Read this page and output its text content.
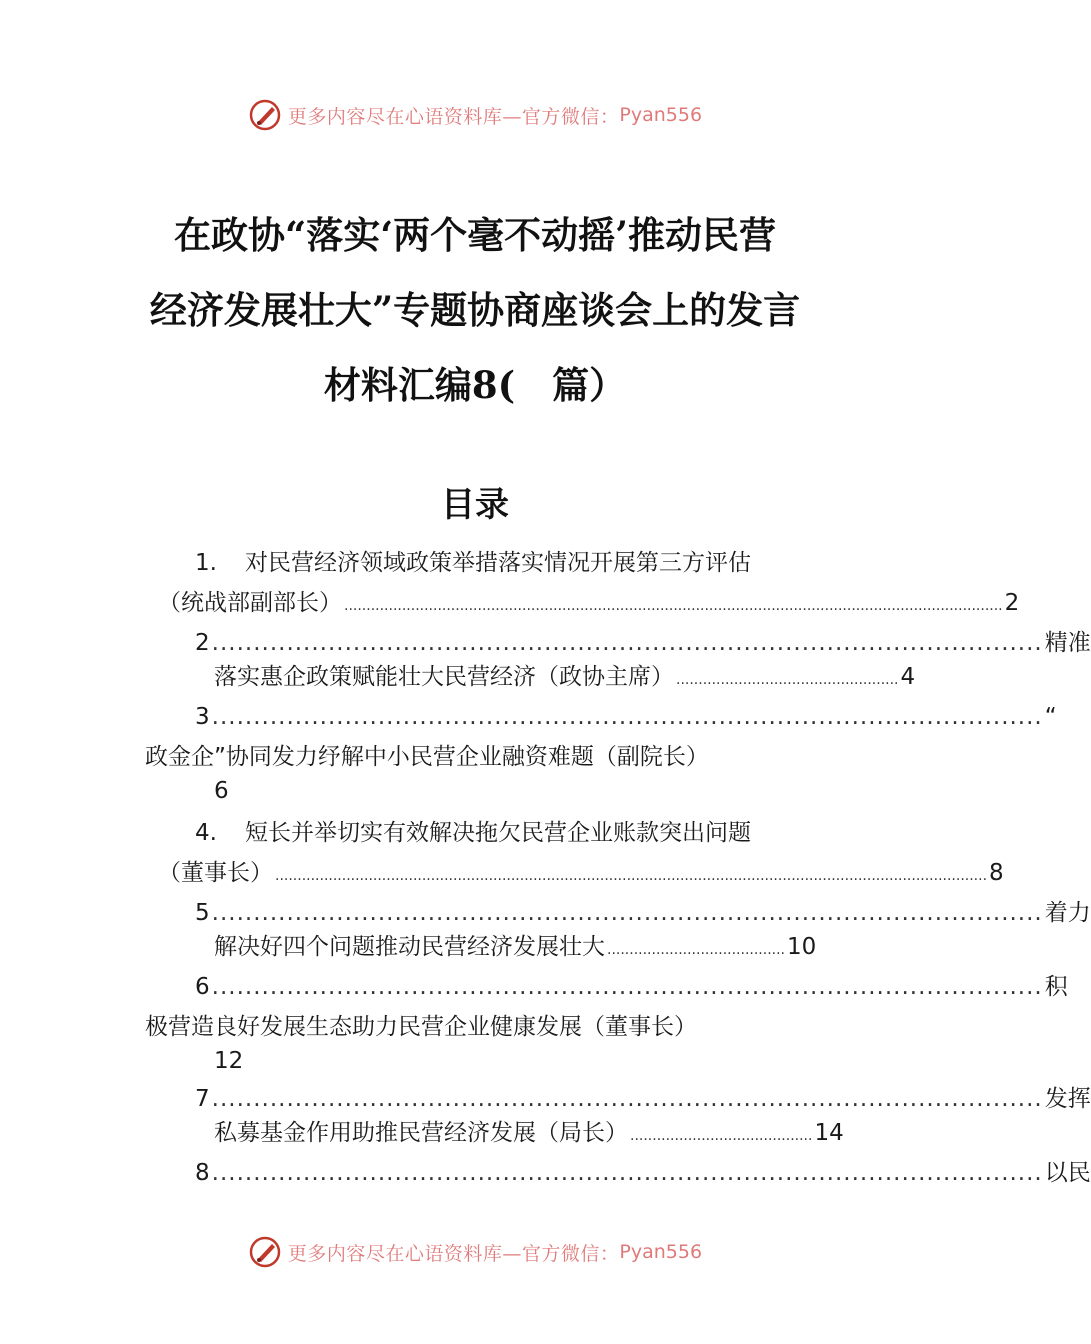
更多内容尽在心语资料库—官方微信： Pyan556
在政协“落实‘两个毫不动摇’推动民营
经济发展壮大”专题协商座谈会上的发言
材料汇编8(　篇）
目录
1. 对民营经济领域政策举措落实情况开展第三方评估
（统战部副部长） .................................................................................................................................................... 2
2 .................................................................................................... 精准
落实惠企政策赋能壮大民营经济（政协主席） .................................................. 4
3 .................................................................................................... “
政金企”协同发力纾解中小民营企业融资难题（副院长）
6
4. 短长并举切实有效解决拖欠民营企业账款突出问题
（董事长） ................................................................................................................................................................ 8
5 .................................................................................................... 着力
解决好四个问题推动民营经济发展壮大 ........................................ 10
6 .................................................................................................... 积
极营造良好发展生态助力民营企业健康发展（董事长）
12
7 .................................................................................................... 发挥
私募基金作用助推民营经济发展（局长） ......................................... 14
8 .................................................................................................... 以民
更多内容尽在心语资料库—官方微信： Pyan556
